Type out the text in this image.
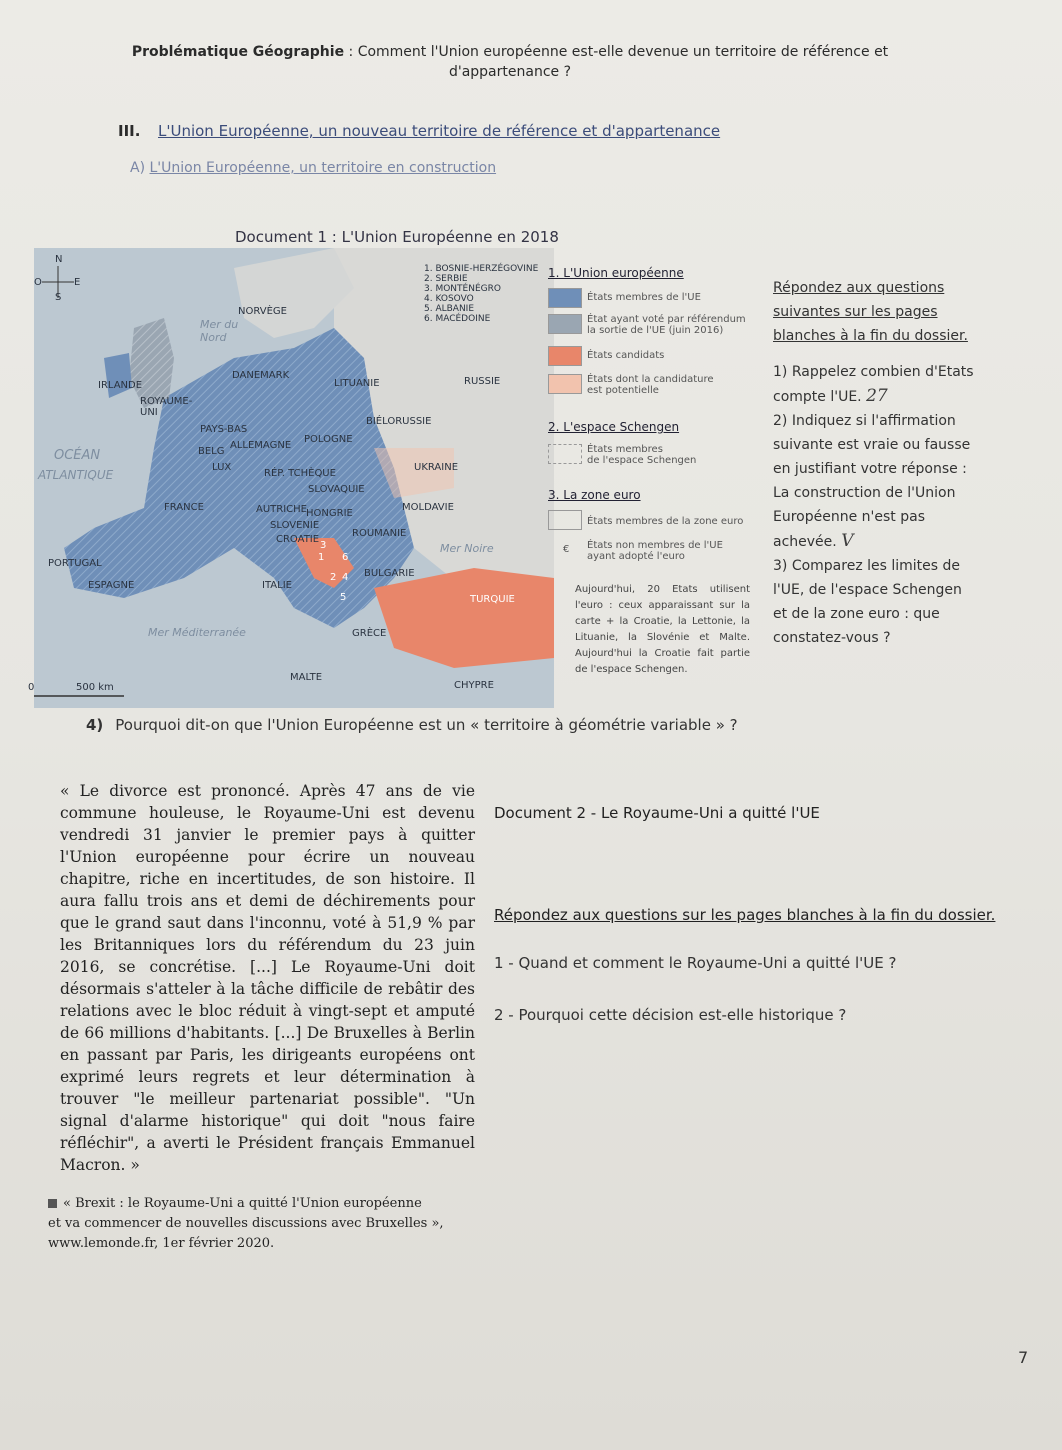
Problématique Géographie : Comment l'Union européenne est-elle devenue un territoire de référence et d'appartenance ?
III. L'Union Européenne, un nouveau territoire de référence et d'appartenance
A) L'Union Européenne, un territoire en construction
Document 1 : L'Union Européenne en 2018
N
S
O	E
NORVÈGE
Mer du Nord
DANEMARK
LITUANIE	RUSSIE
IRLANDE
ROYAUME-UNI
BIÉLORUSSIE
PAYS-BAS
POLOGNE
ALLEMAGNE
BELG
OCÉAN
ATLANTIQUE
LUX
RÉP. TCHÈQUE
UKRAINE
SLOVAQUIE
MOLDAVIE
FRANCE	AUTRICHE HONGRIE
SLOVENIE
CROATIE
ROUMANIE
Mer Noire
3
1 6
PORTUGAL
BULGARIE
2 4
ESPAGNE	ITALIE
5	TURQUIE
Mer Méditerranée	GRÈCE
MALTE
CHYPRE
0	500 km
1. BOSNIE-HERZÉGOVINE
2. SERBIE
3. MONTÉNÉGRO
4. KOSOVO
5. ALBANIE
6. MACÉDOINE
1. L'Union européenne
États membres de l'UE
État ayant voté par référendum
la sortie de l'UE (juin 2016)
États candidats
États dont la candidature
est potentielle
2. L'espace Schengen
États membres
de l'espace Schengen
3. La zone euro
États membres de la zone euro
€ États non membres de l'UE
ayant adopté l'euro
Aujourd'hui, 20 Etats utilisent l'euro : ceux apparaissant sur la carte + la Croatie, la Lettonie, la Lituanie, la Slovénie et Malte. Aujourd'hui la Croatie fait partie de l'espace Schengen.
Répondez aux questions suivantes sur les pages blanches à la fin du dossier.
1) Rappelez combien d'Etats compte l'UE. 27
2) Indiquez si l'affirmation suivante est vraie ou fausse en justifiant votre réponse : La construction de l'Union Européenne n'est pas achevée. V
3) Comparez les limites de l'UE, de l'espace Schengen et de la zone euro : que constatez-vous ?
4) Pourquoi dit-on que l'Union Européenne est un « territoire à géométrie variable » ?
« Le divorce est prononcé. Après 47 ans de vie commune houleuse, le Royaume-Uni est devenu vendredi 31 janvier le premier pays à quitter l'Union européenne pour écrire un nouveau chapitre, riche en incertitudes, de son histoire. Il aura fallu trois ans et demi de déchirements pour que le grand saut dans l'inconnu, voté à 51,9 % par les Britanniques lors du référendum du 23 juin 2016, se concrétise. [...] Le Royaume-Uni doit désormais s'atteler à la tâche difficile de rebâtir des relations avec le bloc réduit à vingt-sept et amputé de 66 millions d'habitants. [...] De Bruxelles à Berlin en passant par Paris, les dirigeants européens ont exprimé leurs regrets et leur détermination à trouver "le meilleur partenariat possible". "Un signal d'alarme historique" qui doit "nous faire réfléchir", a averti le Président français Emmanuel Macron. »
« Brexit : le Royaume-Uni a quitté l'Union européenne
et va commencer de nouvelles discussions avec Bruxelles »,
www.lemonde.fr, 1er février 2020.
Document 2 - Le Royaume-Uni a quitté l'UE
Répondez aux questions sur les pages blanches à la fin du dossier.
1 - Quand et comment le Royaume-Uni a quitté l'UE ?
2 - Pourquoi cette décision est-elle historique ?
7
